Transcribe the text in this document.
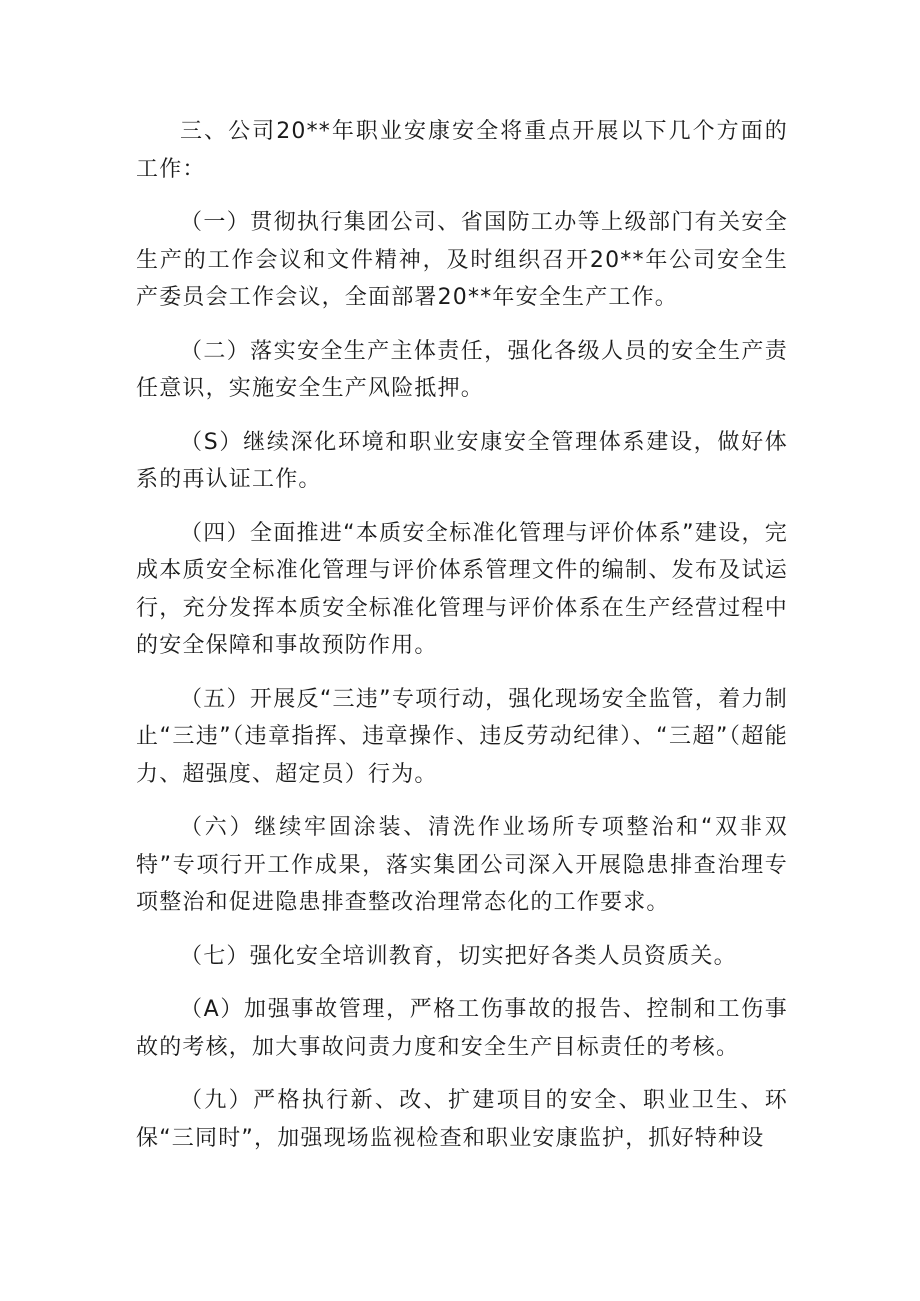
三、公司20**年职业安康安全将重点开展以下几个方面的工作：

（一）贯彻执行集团公司、省国防工办等上级部门有关安全生产的工作会议和文件精神，及时组织召开20**年公司安全生产委员会工作会议，全面部署20**年安全生产工作。

（二）落实安全生产主体责任，强化各级人员的安全生产责任意识，实施安全生产风险抵押。

（S）继续深化环境和职业安康安全管理体系建设，做好体系的再认证工作。

（四）全面推进“本质安全标准化管理与评价体系”建设，完成本质安全标准化管理与评价体系管理文件的编制、发布及试运行，充分发挥本质安全标准化管理与评价体系在生产经营过程中的安全保障和事故预防作用。

（五）开展反“三违”专项行动，强化现场安全监管，着力制止“三违”（违章指挥、违章操作、违反劳动纪律）、“三超”（超能力、超强度、超定员）行为。

（六）继续牢固涂装、清洗作业场所专项整治和“双非双特”专项行开工作成果，落实集团公司深入开展隐患排查治理专项整治和促进隐患排查整改治理常态化的工作要求。

（七）强化安全培训教育，切实把好各类人员资质关。

（A）加强事故管理，严格工伤事故的报告、控制和工伤事故的考核，加大事故问责力度和安全生产目标责任的考核。

（九）严格执行新、改、扩建项目的安全、职业卫生、环保“三同时”，加强现场监视检查和职业安康监护，抓好特种设
